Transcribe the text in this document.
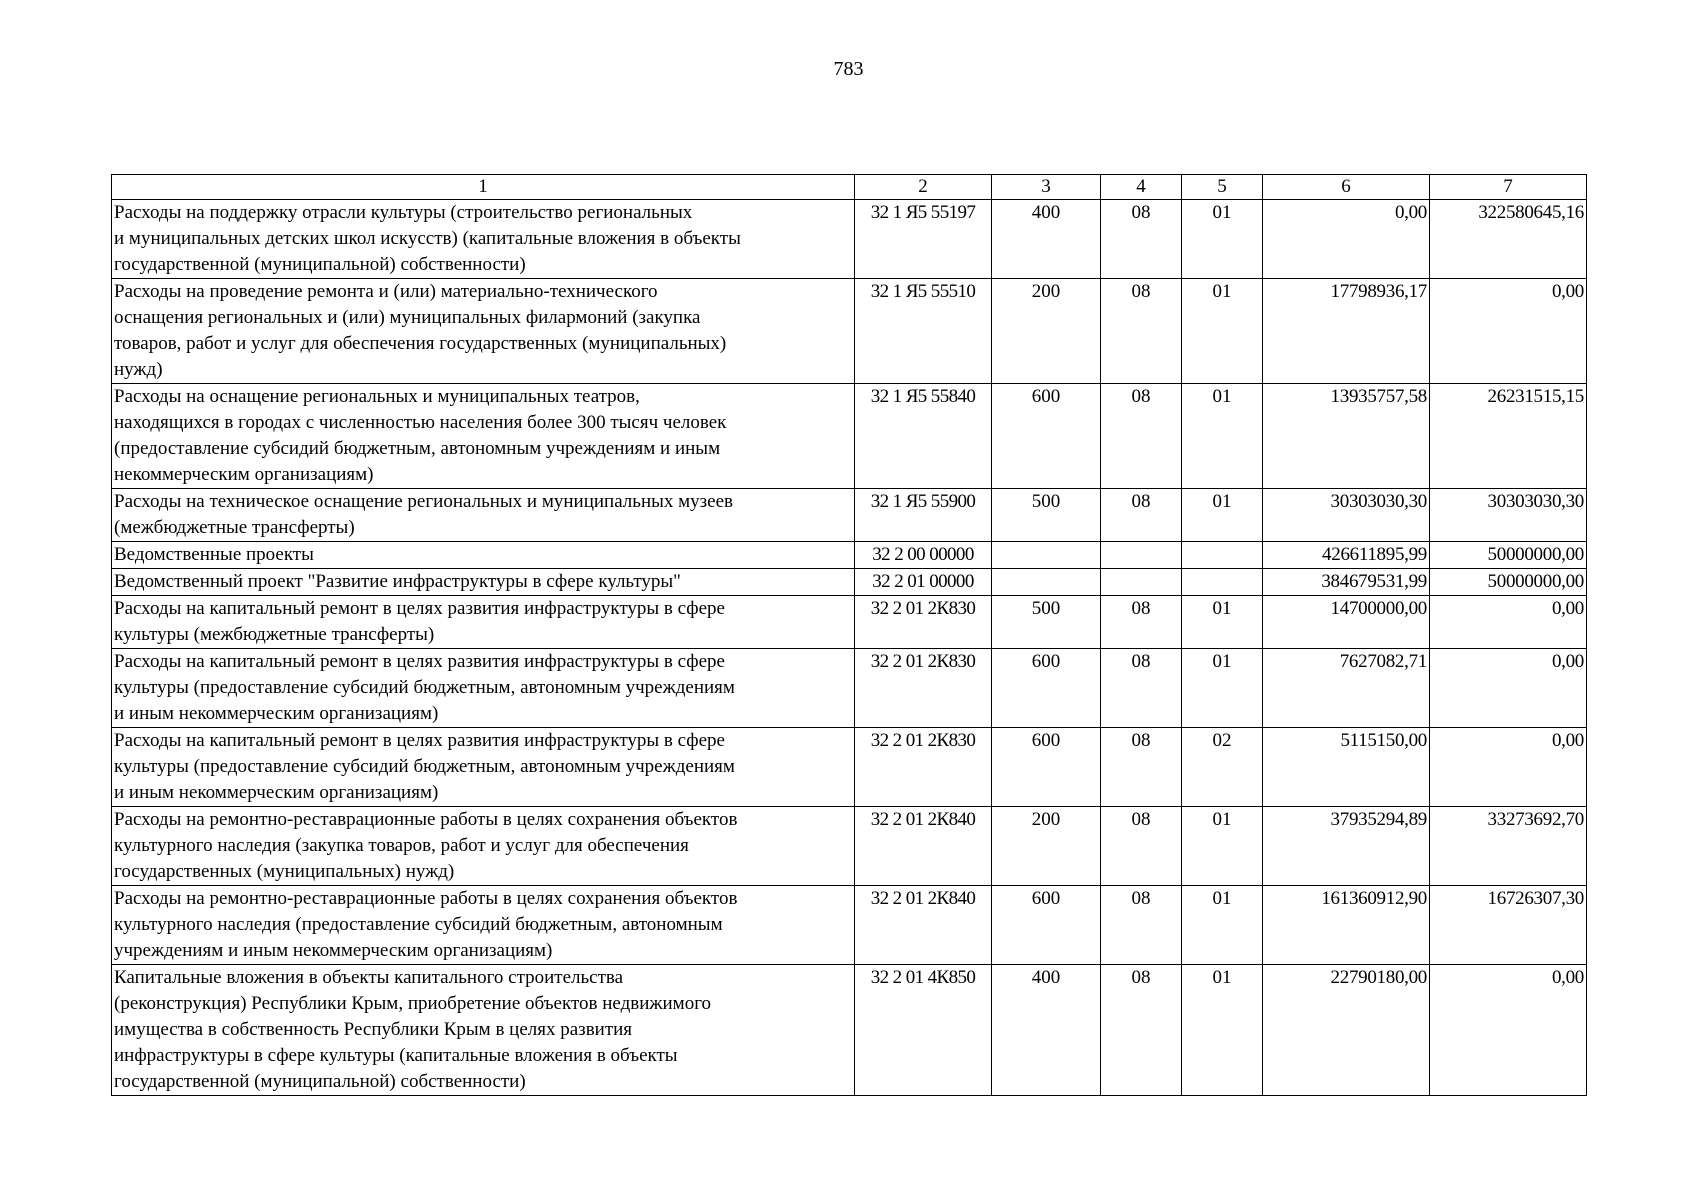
783
1	2	3	4	5	6	7
Расходы на поддержку отрасли культуры (строительство региональных
и муниципальных детских школ искусств) (капитальные вложения в объекты
государственной (муниципальной) собственности)	32 1 Я5 55197	400	08	01	0,00	322580645,16
Расходы на проведение ремонта и (или) материально-технического
оснащения региональных и (или) муниципальных филармоний (закупка
товаров, работ и услуг для обеспечения государственных (муниципальных)
нужд)	32 1 Я5 55510	200	08	01	17798936,17	0,00
Расходы на оснащение региональных и муниципальных театров,
находящихся в городах с численностью населения более 300 тысяч человек
(предоставление субсидий бюджетным, автономным учреждениям и иным
некоммерческим организациям)	32 1 Я5 55840	600	08	01	13935757,58	26231515,15
Расходы на техническое оснащение региональных и муниципальных музеев
(межбюджетные трансферты)	32 1 Я5 55900	500	08	01	30303030,30	30303030,30
Ведомственные проекты	32 2 00 00000				426611895,99	50000000,00
Ведомственный проект "Развитие инфраструктуры в сфере культуры"	32 2 01 00000				384679531,99	50000000,00
Расходы на капитальный ремонт в целях развития инфраструктуры в сфере
культуры (межбюджетные трансферты)	32 2 01 2К830	500	08	01	14700000,00	0,00
Расходы на капитальный ремонт в целях развития инфраструктуры в сфере
культуры (предоставление субсидий бюджетным, автономным учреждениям
и иным некоммерческим организациям)	32 2 01 2К830	600	08	01	7627082,71	0,00
Расходы на капитальный ремонт в целях развития инфраструктуры в сфере
культуры (предоставление субсидий бюджетным, автономным учреждениям
и иным некоммерческим организациям)	32 2 01 2К830	600	08	02	5115150,00	0,00
Расходы на ремонтно-реставрационные работы в целях сохранения объектов
культурного наследия (закупка товаров, работ и услуг для обеспечения
государственных (муниципальных) нужд)	32 2 01 2К840	200	08	01	37935294,89	33273692,70
Расходы на ремонтно-реставрационные работы в целях сохранения объектов
культурного наследия (предоставление субсидий бюджетным, автономным
учреждениям и иным некоммерческим организациям)	32 2 01 2К840	600	08	01	161360912,90	16726307,30
Капитальные вложения в объекты капитального строительства
(реконструкция) Республики Крым, приобретение объектов недвижимого
имущества в собственность Республики Крым в целях развития
инфраструктуры в сфере культуры (капитальные вложения в объекты
государственной (муниципальной) собственности)	32 2 01 4К850	400	08	01	22790180,00	0,00
